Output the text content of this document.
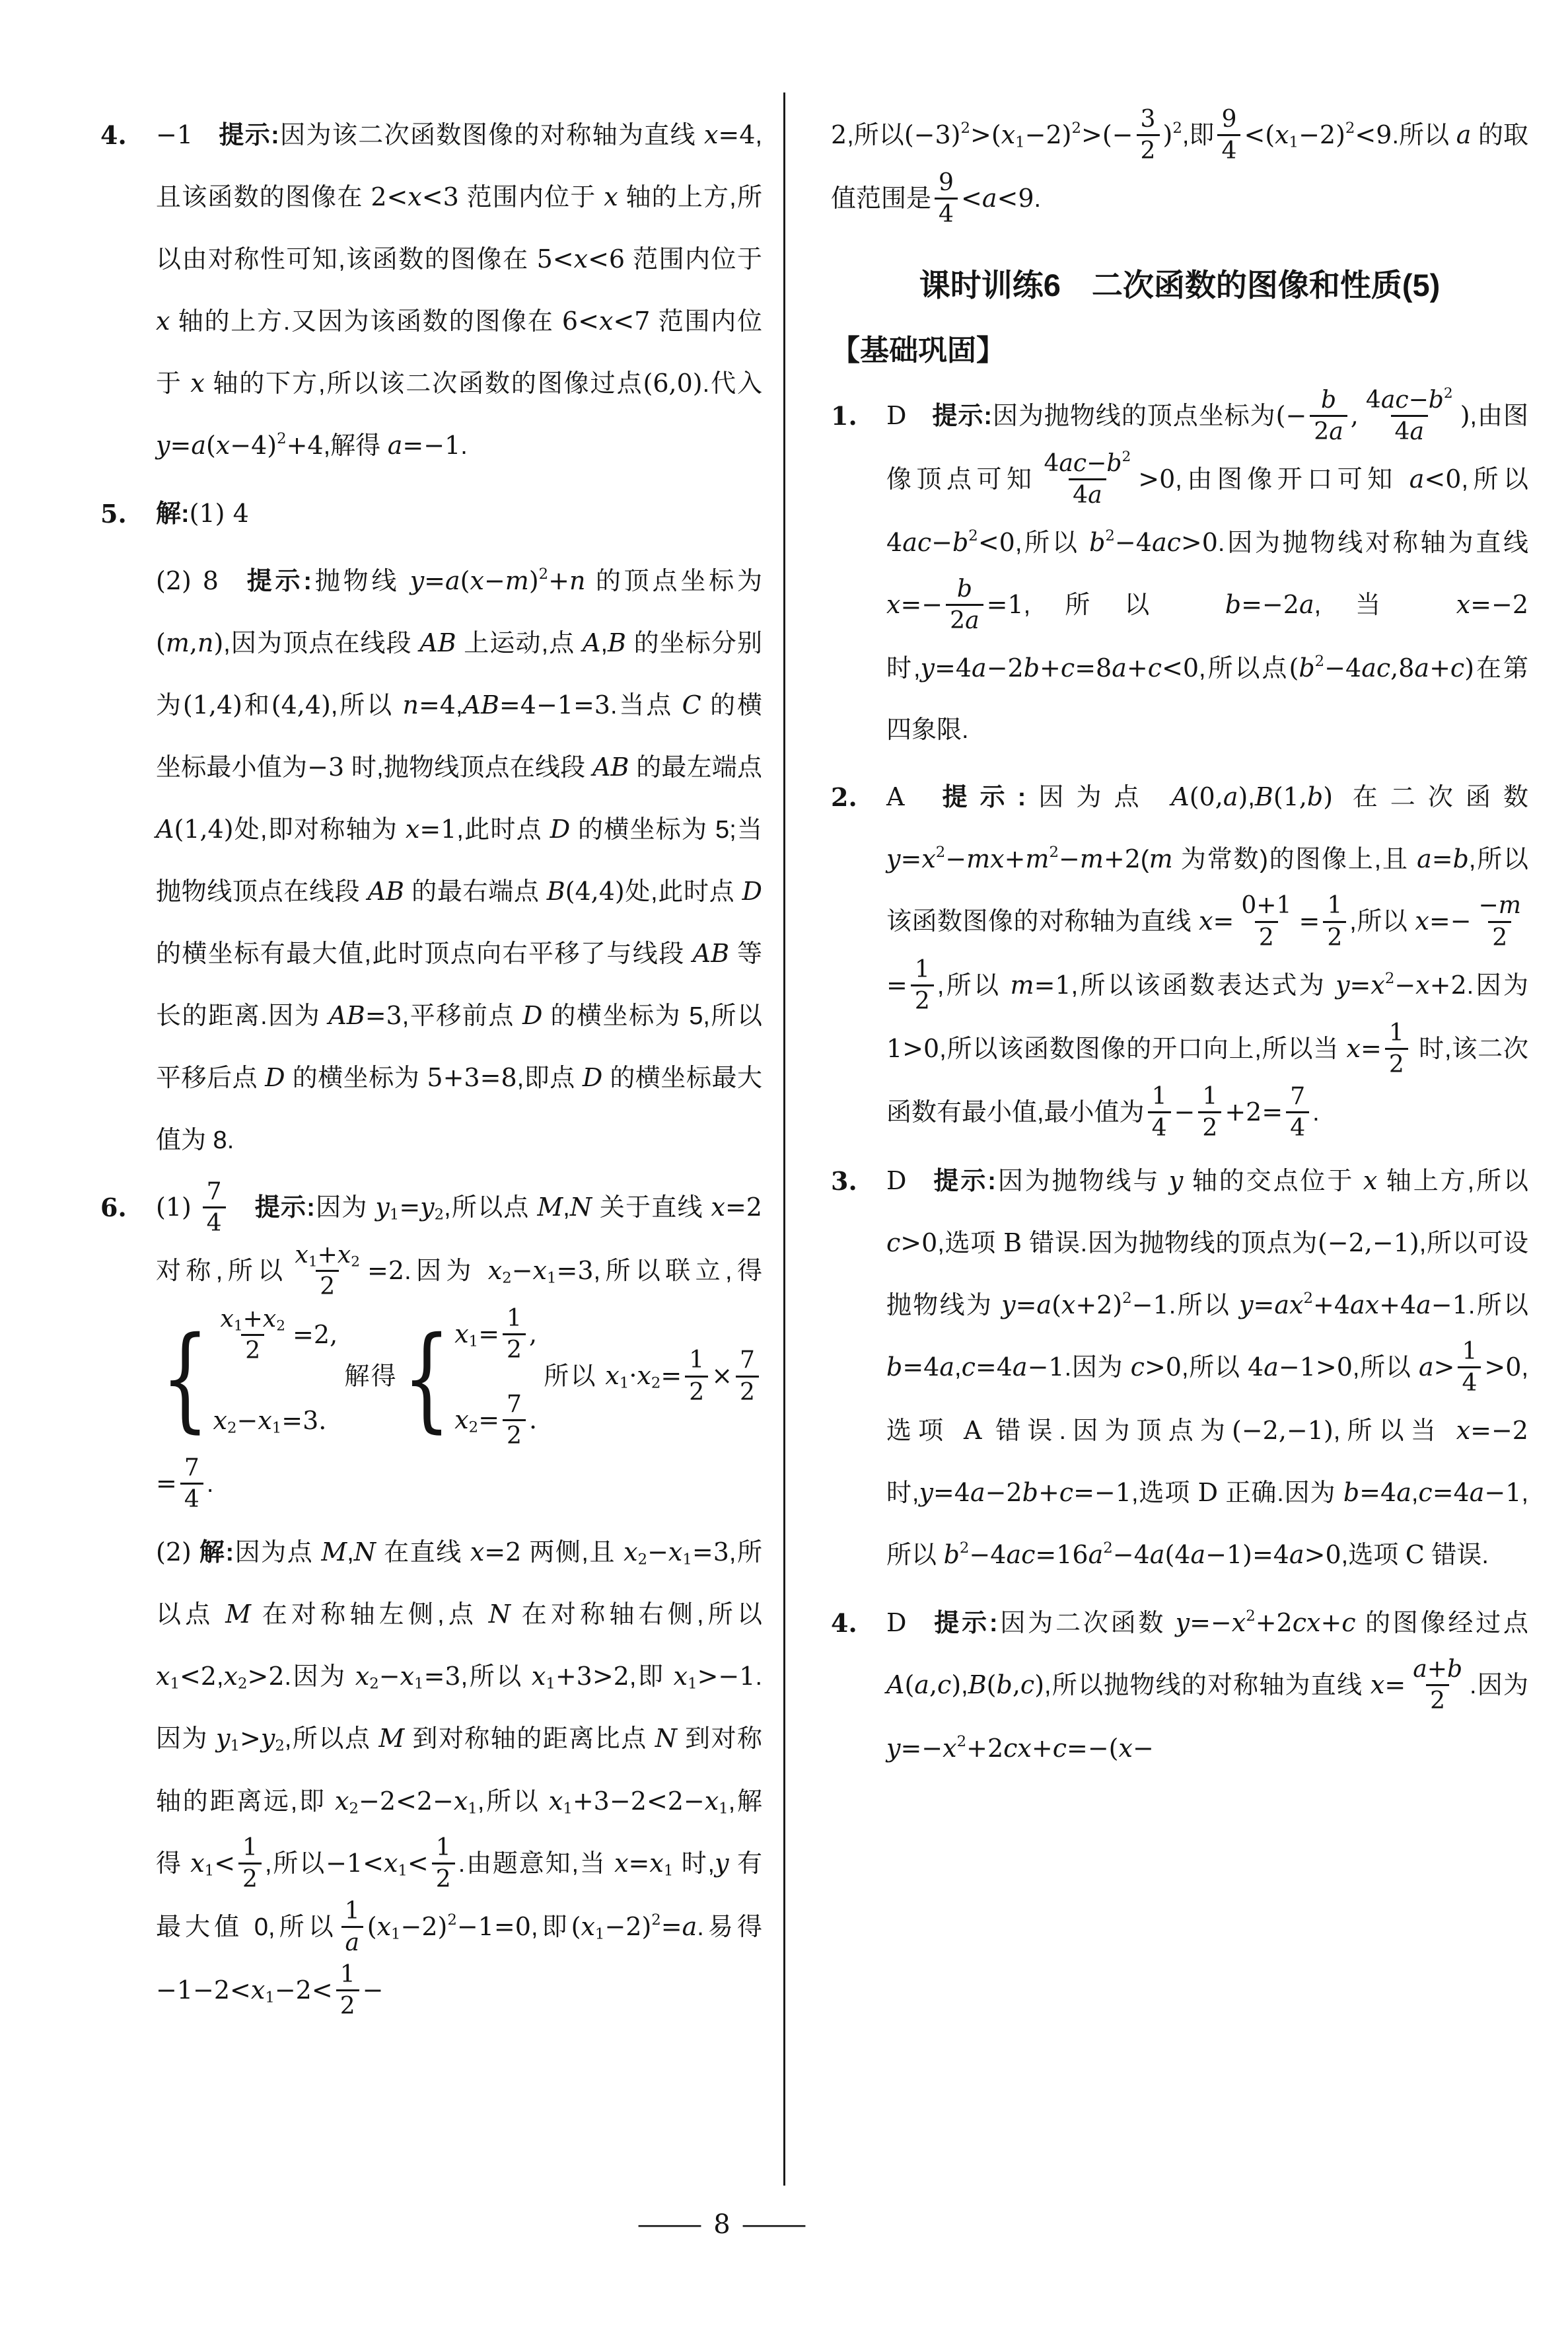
4.	−1  提示:因为该二次函数图像的对称轴为直线 x=4,且该函数的图像在 2<x<3 范围内位于 x 轴的上方,所以由对称性可知,该函数的图像在 5<x<6 范围内位于 x 轴的上方.又因为该函数的图像在 6<x<7 范围内位于 x 轴的下方,所以该二次函数的图像过点(6,0).代入 $y=a(x-4)^2+4$,解得 a=−1.
5.	解:(1) 4
(2) 8  提示:抛物线 $y=a(x-m)^2+n$ 的顶点坐标为(m,n),因为顶点在线段 AB 上运动,点 A,B 的坐标分别为(1,4)和(4,4),所以 n=4,AB=4−1=3.当点 C 的横坐标最小值为−3 时,抛物线顶点在线段 AB 的最左端点 A(1,4)处,即对称轴为 x=1,此时点 D 的横坐标为 5;当抛物线顶点在线段 AB 的最右端点 B(4,4)处,此时点 D 的横坐标有最大值,此时顶点向右平移了与线段 AB 等长的距离.因为 AB=3,平移前点 D 的横坐标为 5,所以平移后点 D 的横坐标为 5+3=8,即点 D 的横坐标最大值为 8.
6.	$(1) \frac{7}{4}$
  提示:因为 $y_1=y_2$,所以点 M,N 关于直线 x=2 对称,所以 $\frac{x_1+x_2}{2} =2$.因为 $x_2-x_1=3$,所以联立,得
{ $\frac{x_1+x_2}{2} =2$,
$x_2-x_1=3$.
解得 { $x_1= \frac{1}{2}$ ,
$x_2= \frac{7}{2}$ .
所以 $x_1\cdot x_2= \frac{1}{2} \times \frac{7}{2}$
= $\frac{7}{4}$ .
(2) 解:因为点 M,N 在直线 x=2 两侧,且 $x_2-x_1=3$,所以点 M 在对称轴左侧,点 N 在对称轴右侧,所以 $x_1<2,x_2>2$.因为 $x_2-x_1=3$,所以 $x_1+3>2$,即 $x_1>-1$.因为 $y_1>y_2$,所以点 M 到对称轴的距离比点 N 到对称轴的距离远,即 $x_2-2<2-x_1$,所以 $x_1+3-2<2-x_1$,解得 $x_1< \frac{1}{2}$ ,所以$-1<x_1< \frac{1}{2}$ .由题意知,当 $x=x_1$ 时,y 有最大值 0,所以 $\frac{1}{a} (x_1-2)^2-1=0$,即$(x_1-2)^2=a$.易得$-1-2<x_1-2< \frac{1}{2}$ −
2,所以$(-3)^2>(x_1-2)^2>(- \frac{3}{2} )^2$,即 $\frac{9}{4} <(x_1-2)^2<9$.所以 a 的取值范围是 $\frac{9}{4} <a<9$.
课时训练6 二次函数的图像和性质(5)
【基础巩固】
1.	D  提示:因为抛物线的顶点坐标为(− $\frac{b}{2a}$ , $\frac{4ac-b^2}{4a}$ ),由图像顶点可知 $\frac{4ac-b^2}{4a} >0$,由图像开口可知 a<0,所以 $4ac-b^2<0$,所以 $b^2-4ac>0$.因为抛物线对称轴为直线 $x=- \frac{b}{2a} =1$,所以 b=−2a,当 x=−2 时,y=4a−2b+c=8a+c<0,所以点$(b^2-4ac,8a+c)$在第四象限.
2.	A  提示:因为点 A(0,a),B(1,b) 在二次函数 $y=x^2-mx+m^2-m+2(m$ 为常数)的图像上,且 a=b,所以该函数图像的对称轴为直线 $x= \frac{0+1}{2} = \frac{1}{2}$ ,所以 $x=- \frac{-m}{2}$
= $\frac{1}{2}$ ,所以 m=1,所以该函数表达式为 $y=x^2-x+2$.因为 1>0,所以该函数图像的开口向上,所以当 $x= \frac{1}{2}$ 时,该二次函数有最小值,最小值为 $\frac{1}{4} - \frac{1}{2} +2= \frac{7}{4}$ .
3.	D  提示:因为抛物线与 y 轴的交点位于 x 轴上方,所以 c>0,选项 B 错误.因为抛物线的顶点为(−2,−1),所以可设抛物线为 $y=a(x+2)^2-1$.所以 $y=ax^2+4ax+4a-1$.所以 b=4a,c=4a−1.因为 c>0,所以 4a−1>0,所以 $a> \frac{1}{4} >0$,选项 A 错误.因为顶点为(−2,−1),所以当 x=−2 时,y=4a−2b+c=−1,选项 D 正确.因为 b=4a,c=4a−1,所以 $b^2-4ac=16a^2-4a(4a-1)=4a>0$,选项 C 错误.
4.	D  提示:因为二次函数 $y=-x^2+2cx+c$ 的图像经过点 A(a,c),B(b,c),所以抛物线的对称轴为直线 $x= \frac{a+b}{2}$ .因为 $y=-x^2+2cx+c=-(x-$
— 8 —
